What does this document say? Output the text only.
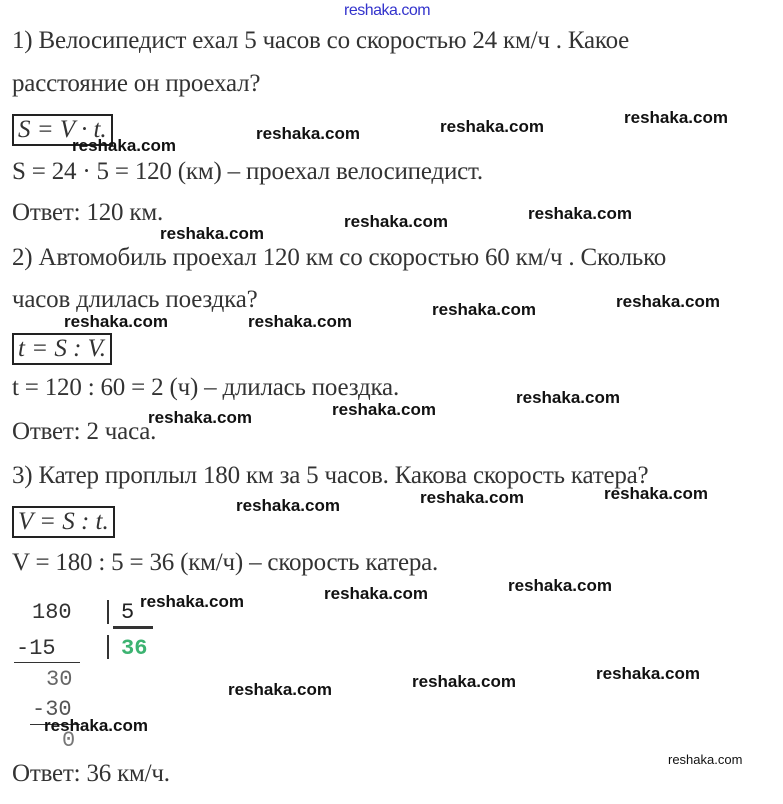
reshaka.com
1) Велосипедист ехал 5 часов со скоростью 24 км/ч . Какое
расстояние он проехал?
S = V · t.
S = 24 · 5 = 120 (км) – проехал велосипедист.
Ответ: 120 км.
2) Автомобиль проехал 120 км со скоростью 60 км/ч . Сколько
часов длилась поездка?
t = S : V.
t = 120 : 60 = 2 (ч) – длилась поездка.
Ответ: 2 часа.
3) Катер проплыл 180 км за 5 часов. Какова скорость катера?
V = S : t.
V = 180 : 5 = 36 (км/ч) – скорость катера.
180
-15
30
-30
0
5
36
Ответ: 36 км/ч.
reshaka.com	reshaka.com	reshaka.com
reshaka.com
reshaka.com	reshaka.com
reshaka.com
reshaka.com
reshaka.com
reshaka.com	reshaka.com
reshaka.com
reshaka.com
reshaka.com
reshaka.com
reshaka.com
reshaka.com
reshaka.com
reshaka.com
reshaka.com
reshaka.com
reshaka.com
reshaka.com
reshaka.com
reshaka.com
